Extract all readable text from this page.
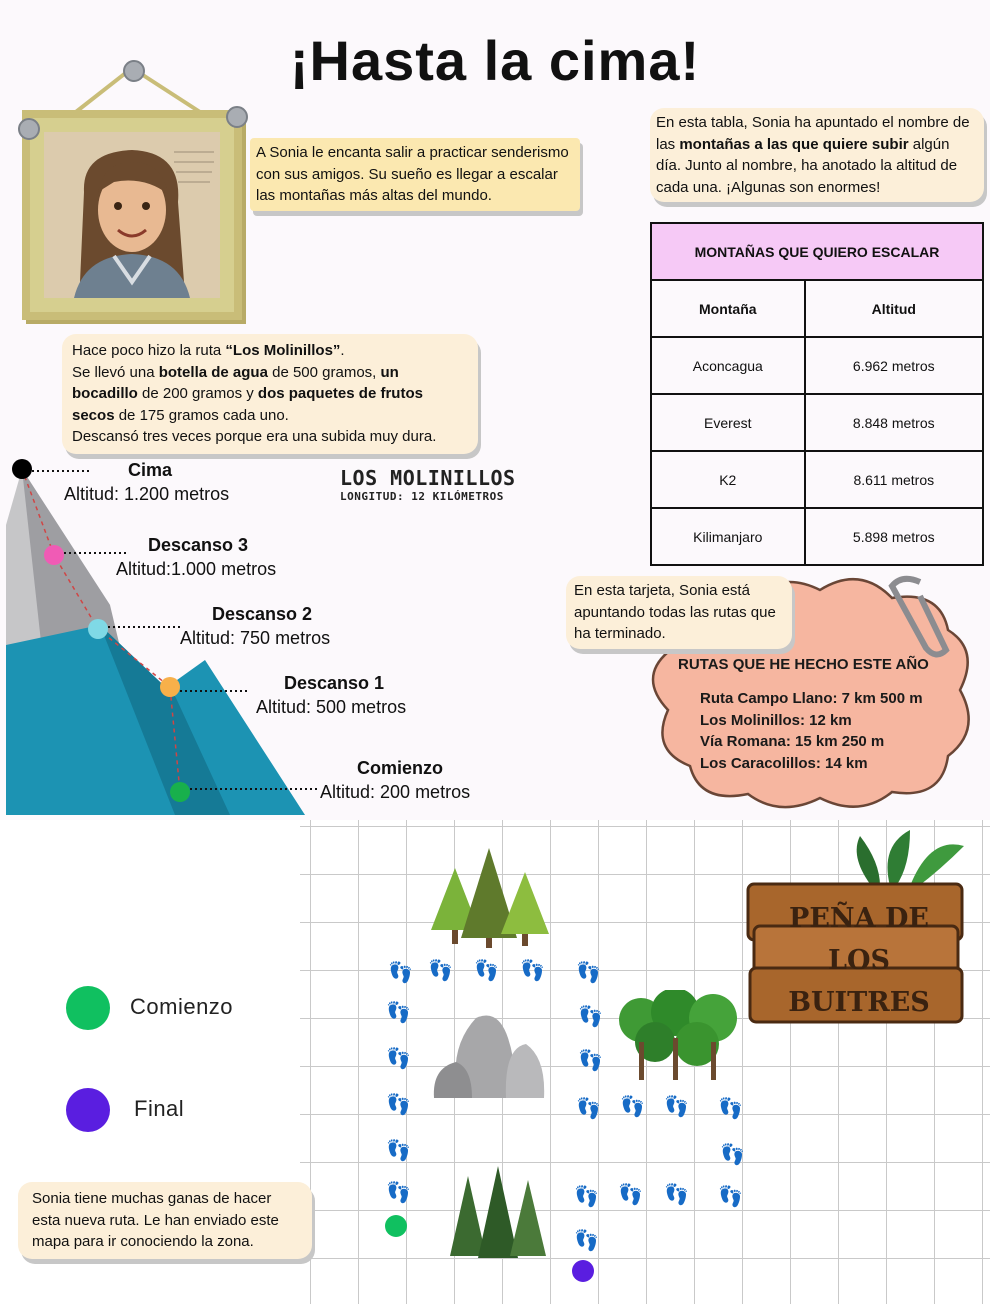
¡Hasta la cima!
A Sonia le encanta salir a practicar senderismo con sus amigos. Su sueño es llegar a escalar las montañas más altas del mundo.
En esta tabla, Sonia ha apuntado el nombre de las montañas a las que quiere subir algún día. Junto al nombre, ha anotado la altitud de cada una. ¡Algunas son enormes!
MONTAÑAS QUE QUIERO ESCALAR	
Montaña	Altitud
Aconcagua	6.962 metros
Everest	8.848 metros
K2	8.611 metros
Kilimanjaro	5.898 metros
Hace poco hizo la ruta “Los Molinillos”.
Se llevó una botella de agua de 500 gramos, un bocadillo de 200 gramos y dos paquetes de frutos secos de 175 gramos cada uno.
Descansó tres veces porque era una subida muy dura.
Cima
Altitud: 1.200 metros
Descanso 3
Altitud:1.000 metros
Descanso 2
Altitud: 750 metros
Descanso 1
Altitud: 500 metros
Comienzo
Altitud: 200 metros
LOS MOLINILLOS
LONGITUD: 12 KILÓMETROS
En esta tarjeta, Sonia está apuntando todas las rutas que ha terminado.
RUTAS QUE HE HECHO ESTE AÑO
Ruta Campo Llano: 7 km 500 m
Los Molinillos: 12 km
Vía Romana: 15 km 250 m
Los Caracolillos: 14 km
Comienzo
Final
👣 👣 👣 👣 👣
👣
👣
👣
👣
👣
👣
👣
👣 👣 👣 👣
👣
👣
👣
👣
👣
👣
PEÑA DE
LOS
BUITRES
Sonia tiene muchas ganas de hacer esta nueva ruta. Le han enviado este mapa para ir conociendo la zona.
